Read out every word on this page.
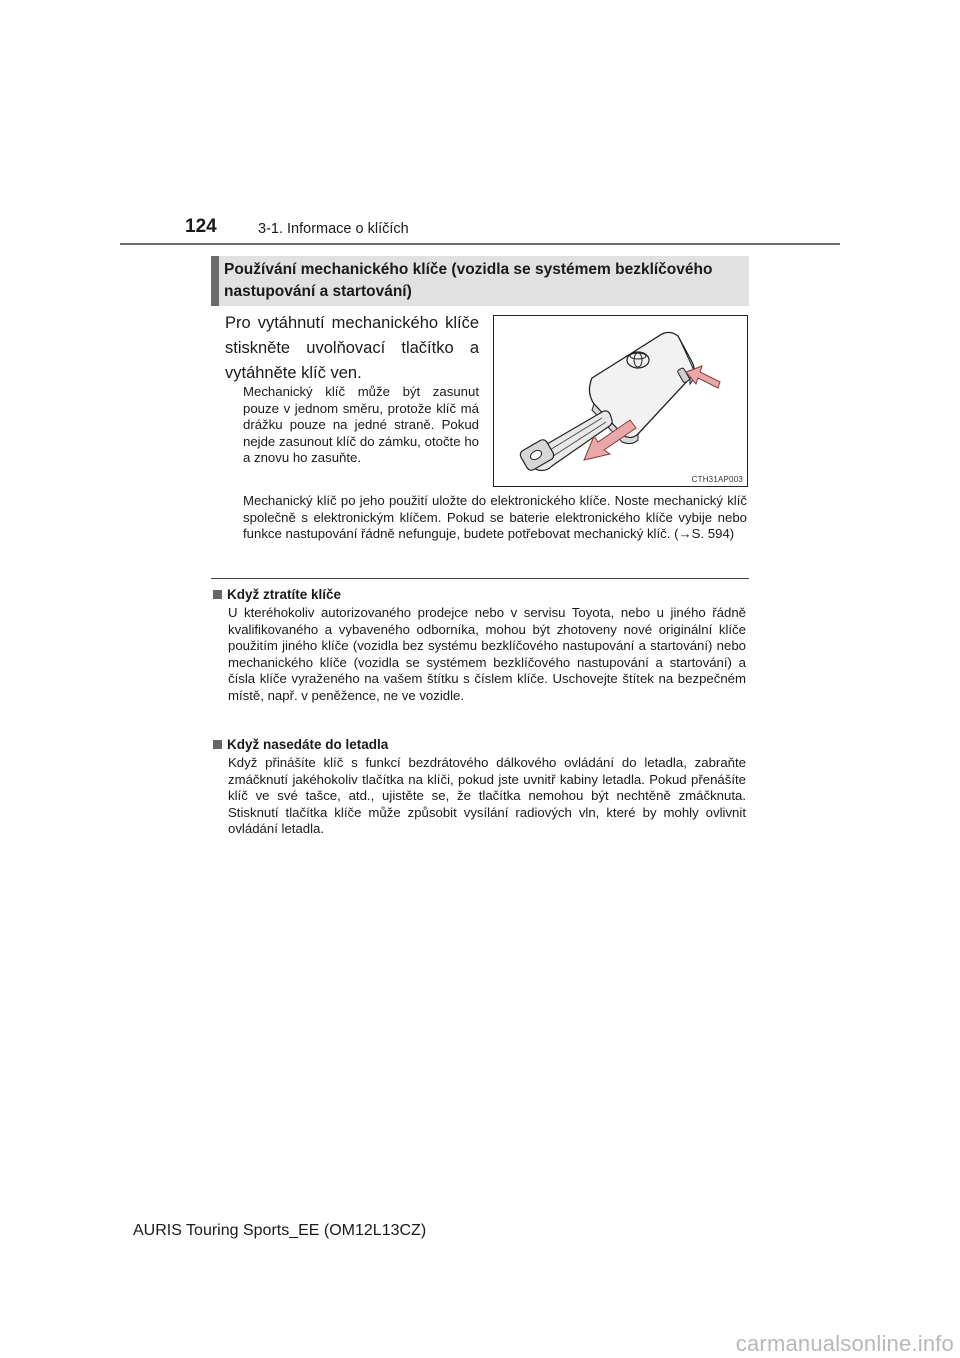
124	3-1. Informace o klíčích
Používání mechanického klíče (vozidla se systémem bezklíčového nastupování a startování)
Pro vytáhnutí mechanického klíče stiskněte uvolňovací tlačítko a vytáhněte klíč ven.
Mechanický klíč může být zasunut pouze v jednom směru, protože klíč má drážku pouze na jedné straně. Pokud nejde zasunout klíč do zámku, otočte ho a znovu ho zasuňte.
CTH31AP003
Mechanický klíč po jeho použití uložte do elektronického klíče. Noste mechanický klíč společně s elektronickým klíčem. Pokud se baterie elektronického klíče vybije nebo funkce nastupování řádně nefunguje, budete potřebovat mechanický klíč. (→S. 594)
Když ztratíte klíče
U kteréhokoliv autorizovaného prodejce nebo v servisu Toyota, nebo u jiného řádně kvalifikovaného a vybaveného odborníka, mohou být zhotoveny nové originální klíče použitím jiného klíče (vozidla bez systému bezklíčového nastupování a startování) nebo mechanického klíče (vozidla se systémem bezklíčového nastupování a startování) a čísla klíče vyraženého na vašem štítku s číslem klíče. Uschovejte štítek na bezpečném místě, např. v peněžence, ne ve vozidle.
Když nasedáte do letadla
Když přinášíte klíč s funkcí bezdrátového dálkového ovládání do letadla, zabraňte zmáčknutí jakéhokoliv tlačítka na klíči, pokud jste uvnitř kabiny letadla. Pokud přenášíte klíč ve své tašce, atd., ujistěte se, že tlačítka nemohou být nechtěně zmáčknuta. Stisknutí tlačítka klíče může způsobit vysílání radiových vln, které by mohly ovlivnit ovládání letadla.
AURIS Touring Sports_EE (OM12L13CZ)
carmanualsonline.info
